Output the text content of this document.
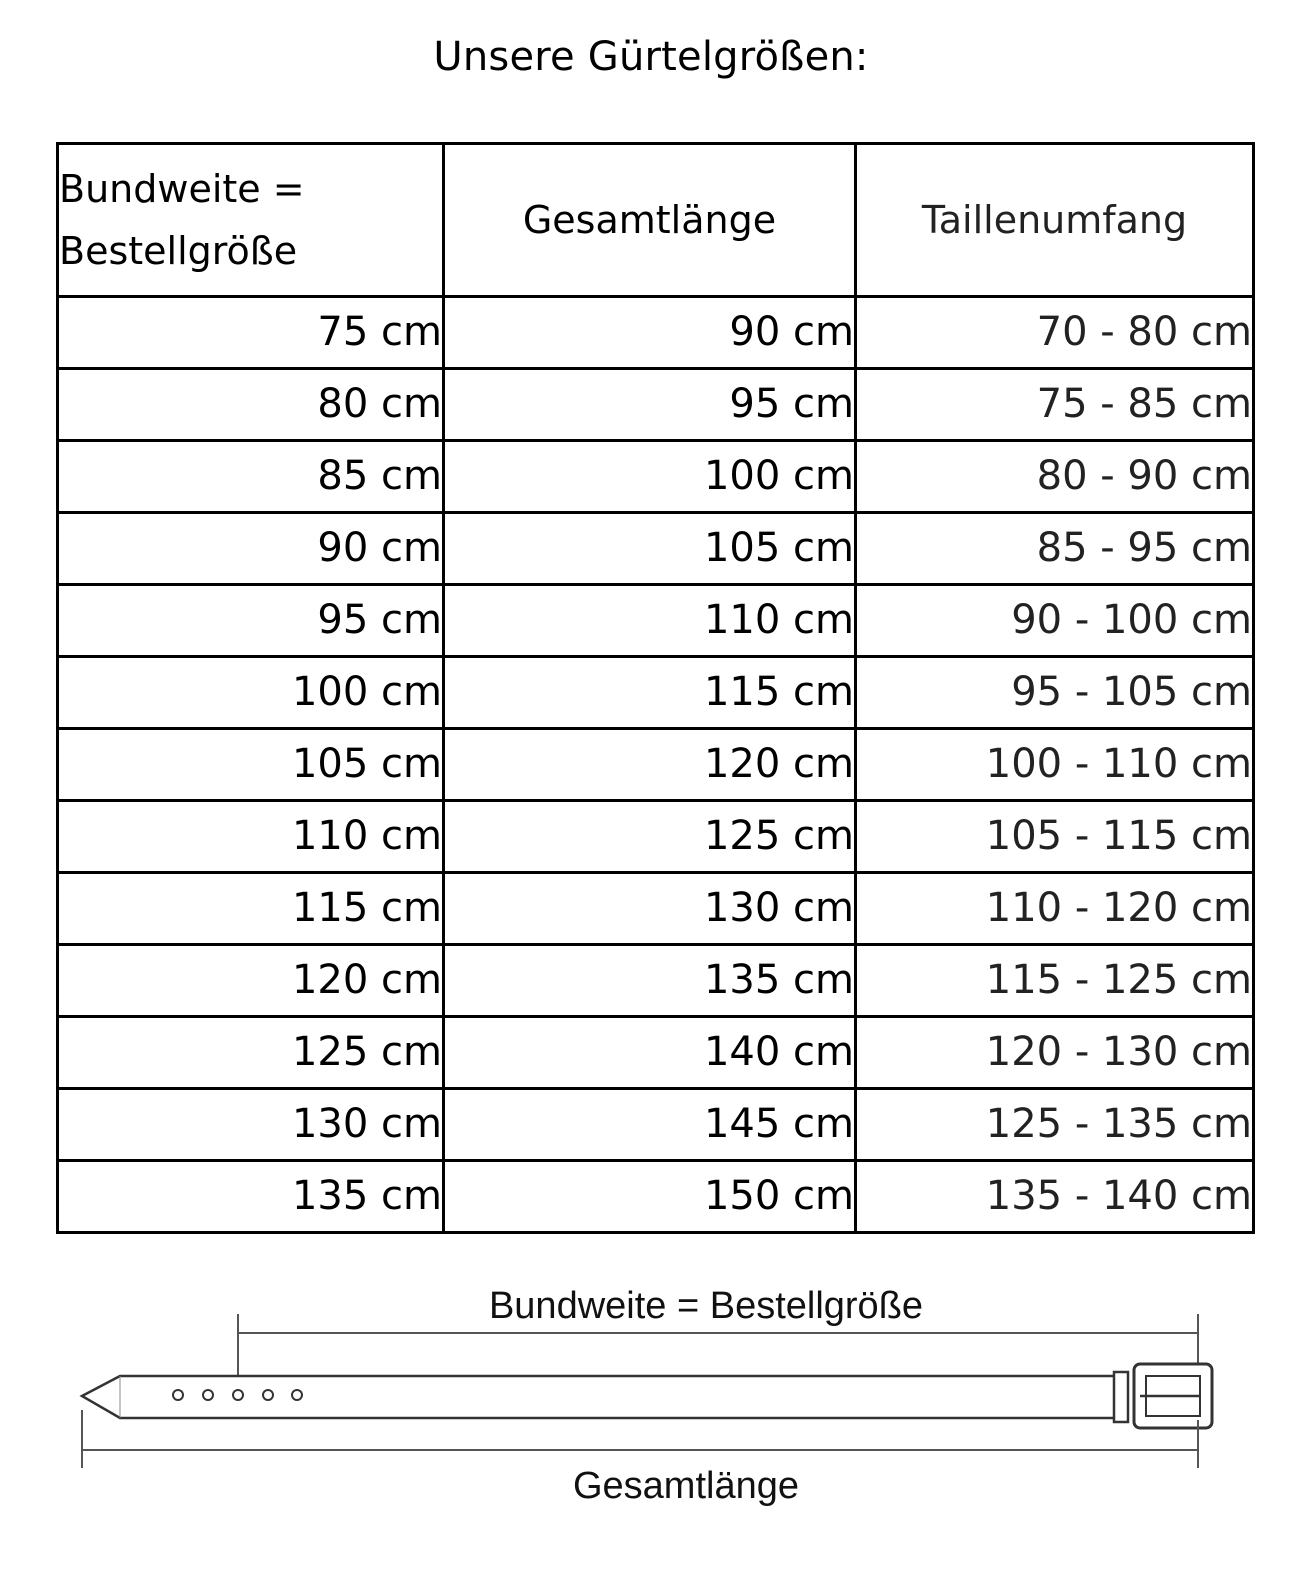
Unsere Gürtelgrößen:
Bundweite =
Bestellgröße	Gesamtlänge	Taillenumfang
75 cm	90 cm	70 - 80 cm
80 cm	95 cm	75 - 85 cm
85 cm	100 cm	80 - 90 cm
90 cm	105 cm	85 - 95 cm
95 cm	110 cm	90 - 100 cm
100 cm	115 cm	95 - 105 cm
105 cm	120 cm	100 - 110 cm
110 cm	125 cm	105 - 115 cm
115 cm	130 cm	110 - 120 cm
120 cm	135 cm	115 - 125 cm
125 cm	140 cm	120 - 130 cm
130 cm	145 cm	125 - 135 cm
135 cm	150 cm	135 - 140 cm
Bundweite = Bestellgröße
Gesamtlänge
